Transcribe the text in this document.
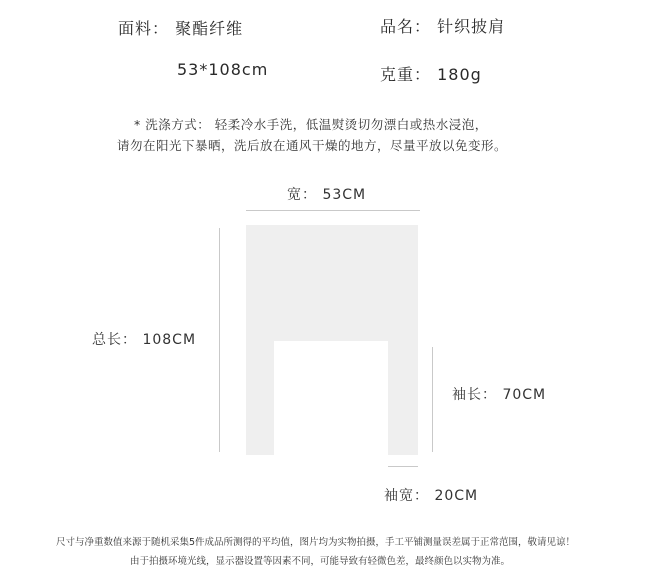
面料： 聚酯纤维	品名： 针织披肩
53*108cm	克重： 180g
* 洗涤方式： 轻柔冷水手洗，低温熨烫切勿漂白或热水浸泡，
请勿在阳光下暴晒，洗后放在通风干燥的地方，尽量平放以免变形。
宽： 53CM
总长： 108CM
袖长： 70CM
袖宽： 20CM
尺寸与净重数值来源于随机采集5件成品所测得的平均值，图片均为实物拍摄，手工平铺测量误差属于正常范围，敬请见谅！
由于拍摄环境光线，显示器设置等因素不同，可能导致有轻微色差，最终颜色以实物为准。
